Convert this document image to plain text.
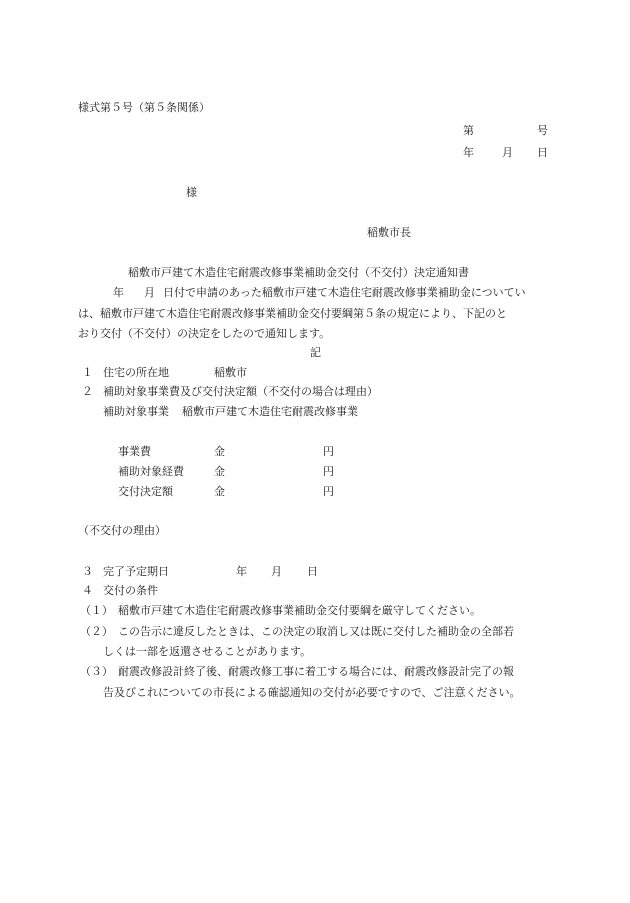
様式第５号（第５条関係）
第	号
年	月 日
様
稲敷市長
稲敷市戸建て木造住宅耐震改修事業補助金交付（不交付）決定通知書
年 月 日付で申請のあった稲敷市戸建て木造住宅耐震改修事業補助金についてい
は、稲敷市戸建て木造住宅耐震改修事業補助金交付要綱第５条の規定により、下記のと
おり交付（不交付）の決定をしたので通知します。
記
１ 住宅の所在地	稲敷市
２ 補助対象事業費及び交付決定額（不交付の場合は理由）
補助対象事業 稲敷市戸建て木造住宅耐震改修事業
事業費	金	円
補助対象経費	金	円
交付決定額	金	円
（不交付の理由）
３ 完了予定期日	年 月 日
４ 交付の条件
（１） 稲敷市戸建て木造住宅耐震改修事業補助金交付要綱を厳守してください。
（２） この告示に違反したときは、この決定の取消し又は既に交付した補助金の全部若
しくは一部を返還させることがあります。
（３） 耐震改修設計終了後、耐震改修工事に着工する場合には、耐震改修設計完了の報
告及びこれについての市長による確認通知の交付が必要ですので、ご注意ください。
